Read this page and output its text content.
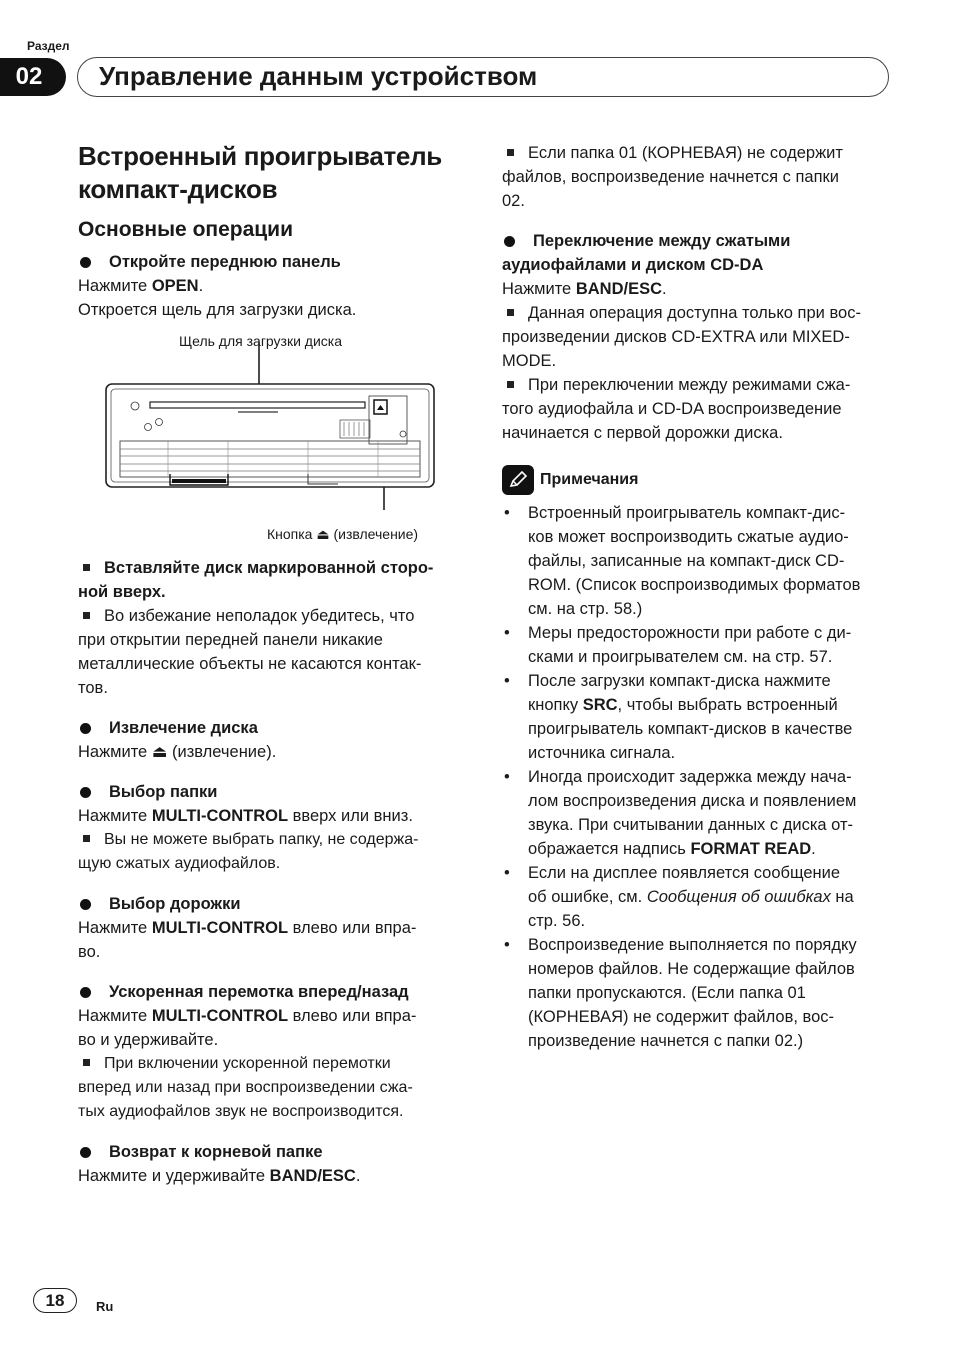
Раздел
02	Управление данным устройством
Встроенный проигрыватель
компакт-дисков
Основные операции
Откройте переднюю панель
Нажмите OPEN.
Откроется щель для загрузки диска.
Щель для загрузки диска
Кнопка ⏏ (извлечение)
Вставляйте диск маркированной сторо-
ной вверх.
Во избежание неполадок убедитесь, что
при открытии передней панели никакие
металлические объекты не касаются контак-
тов.
Извлечение диска
Нажмите ⏏ (извлечение).
Выбор папки
Нажмите MULTI-CONTROL вверх или вниз.
Вы не можете выбрать папку, не содержа-
щую сжатых аудиофайлов.
Выбор дорожки
Нажмите MULTI-CONTROL влево или впра-
во.
Ускоренная перемотка вперед/назад
Нажмите MULTI-CONTROL влево или впра-
во и удерживайте.
При включении ускоренной перемотки
вперед или назад при воспроизведении сжа-
тых аудиофайлов звук не воспроизводится.
Возврат к корневой папке
Нажмите и удерживайте BAND/ESC.
Если папка 01 (КОРНЕВАЯ) не содержит
файлов, воспроизведение начнется с папки
02.
Переключение между сжатыми
аудиофайлами и диском CD-DA
Нажмите BAND/ESC.
Данная операция доступна только при вос-
произведении дисков CD-EXTRA или MIXED-
MODE.
При переключении между режимами сжа-
того аудиофайла и CD-DA воспроизведение
начинается с первой дорожки диска.
Примечания
• Встроенный проигрыватель компакт-дис-
ков может воспроизводить сжатые аудио-
файлы, записанные на компакт-диск CD-
ROM. (Список воспроизводимых форматов
см. на стр. 58.)
• Меры предосторожности при работе с ди-
сками и проигрывателем см. на стр. 57.
• После загрузки компакт-диска нажмите
кнопку SRC, чтобы выбрать встроенный
проигрыватель компакт-дисков в качестве
источника сигнала.
• Иногда происходит задержка между нача-
лом воспроизведения диска и появлением
звука. При считывании данных с диска от-
ображается надпись FORMAT READ.
• Если на дисплее появляется сообщение
об ошибке, см. Сообщения об ошибках на
стр. 56.
• Воспроизведение выполняется по порядку
номеров файлов. Не содержащие файлов
папки пропускаются. (Если папка 01
(КОРНЕВАЯ) не содержит файлов, вос-
произведение начнется с папки 02.)
18	Ru
